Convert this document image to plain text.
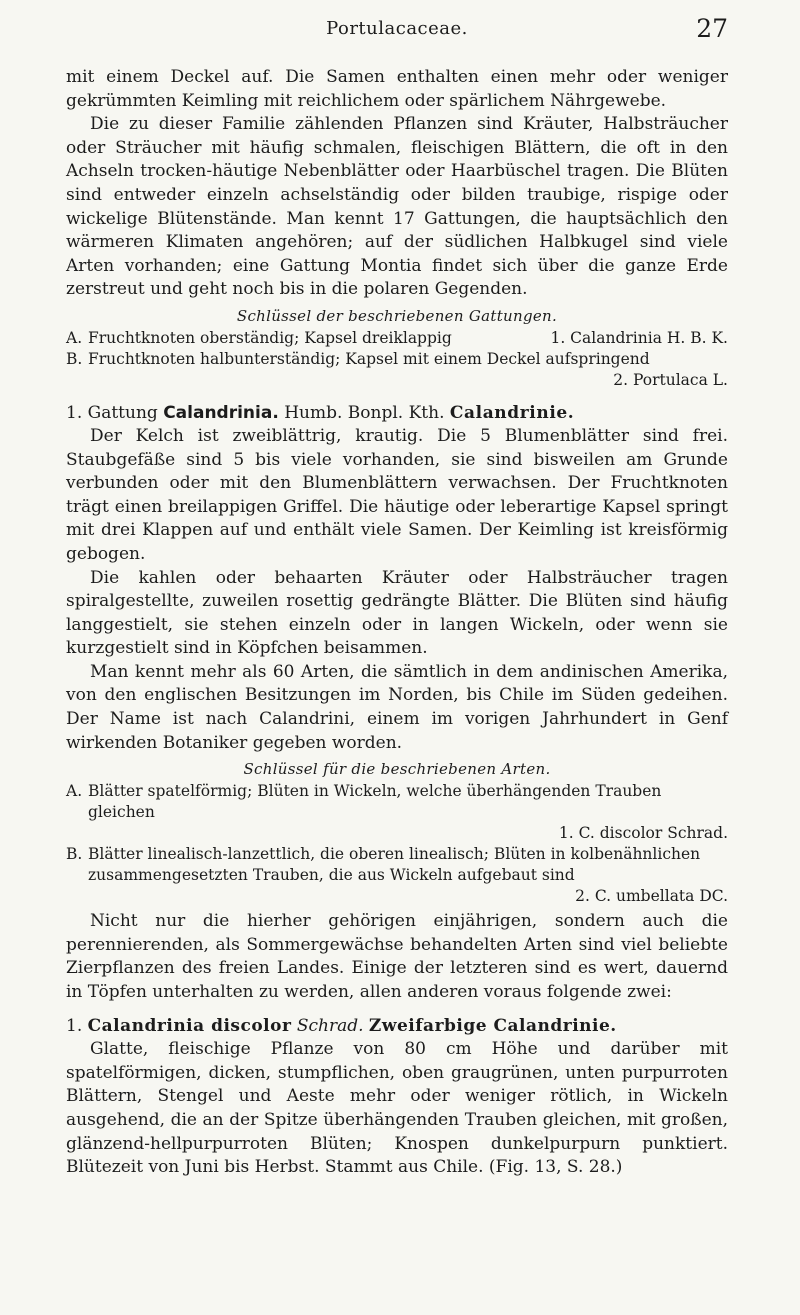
Portulacaceae.	27

mit einem Deckel auf. Die Samen enthalten einen mehr oder weniger gekrümmten Keimling mit reichlichem oder spärlichem Nährgewebe.

Die zu dieser Familie zählenden Pflanzen sind Kräuter, Halbsträucher oder Sträucher mit häufig schmalen, fleischigen Blättern, die oft in den Achseln trocken-häutige Nebenblätter oder Haarbüschel tragen. Die Blüten sind entweder einzeln achselständig oder bilden traubige, rispige oder wickelige Blütenstände. Man kennt 17 Gattungen, die hauptsächlich den wärmeren Klimaten angehören; auf der südlichen Halbkugel sind viele Arten vorhanden; eine Gattung Montia findet sich über die ganze Erde zerstreut und geht noch bis in die polaren Gegenden.

Schlüssel der beschriebenen Gattungen.
A. Fruchtknoten oberständig; Kapsel dreiklappig	1. Calandrinia H. B. K.
B. Fruchtknoten halbunterständig; Kapsel mit einem Deckel aufspringend
2. Portulaca L.
1. Gattung Calandrinia. Humb. Bonpl. Kth. Calandrinie.

Der Kelch ist zweiblättrig, krautig. Die 5 Blumenblätter sind frei. Staubgefäße sind 5 bis viele vorhanden, sie sind bisweilen am Grunde verbunden oder mit den Blumenblättern verwachsen. Der Fruchtknoten trägt einen breilappigen Griffel. Die häutige oder leberartige Kapsel springt mit drei Klappen auf und enthält viele Samen. Der Keimling ist kreisförmig gebogen.

Die kahlen oder behaarten Kräuter oder Halbsträucher tragen spiralgestellte, zuweilen rosettig gedrängte Blätter. Die Blüten sind häufig langgestielt, sie stehen einzeln oder in langen Wickeln, oder wenn sie kurzgestielt sind in Köpfchen beisammen.

Man kennt mehr als 60 Arten, die sämtlich in dem andinischen Amerika, von den englischen Besitzungen im Norden, bis Chile im Süden gedeihen. Der Name ist nach Calandrini, einem im vorigen Jahrhundert in Genf wirkenden Botaniker gegeben worden.

Schlüssel für die beschriebenen Arten.
A. Blätter spatelförmig; Blüten in Wickeln, welche überhängenden Trauben gleichen
1. C. discolor Schrad.
B. Blätter linealisch-lanzettlich, die oberen linealisch; Blüten in kolbenähnlichen zusammengesetzten Trauben, die aus Wickeln aufgebaut sind
2. C. umbellata DC.

Nicht nur die hierher gehörigen einjährigen, sondern auch die perennierenden, als Sommergewächse behandelten Arten sind viel beliebte Zierpflanzen des freien Landes. Einige der letzteren sind es wert, dauernd in Töpfen unterhalten zu werden, allen anderen voraus folgende zwei:

1. Calandrinia discolor Schrad. Zweifarbige Calandrinie.

Glatte, fleischige Pflanze von 80 cm Höhe und darüber mit spatelförmigen, dicken, stumpflichen, oben graugrünen, unten purpurroten Blättern, Stengel und Aeste mehr oder weniger rötlich, in Wickeln ausgehend, die an der Spitze überhängenden Trauben gleichen, mit großen, glänzend-hellpurpurroten Blüten; Knospen dunkelpurpurn punktiert. Blütezeit von Juni bis Herbst. Stammt aus Chile. (Fig. 13, S. 28.)
